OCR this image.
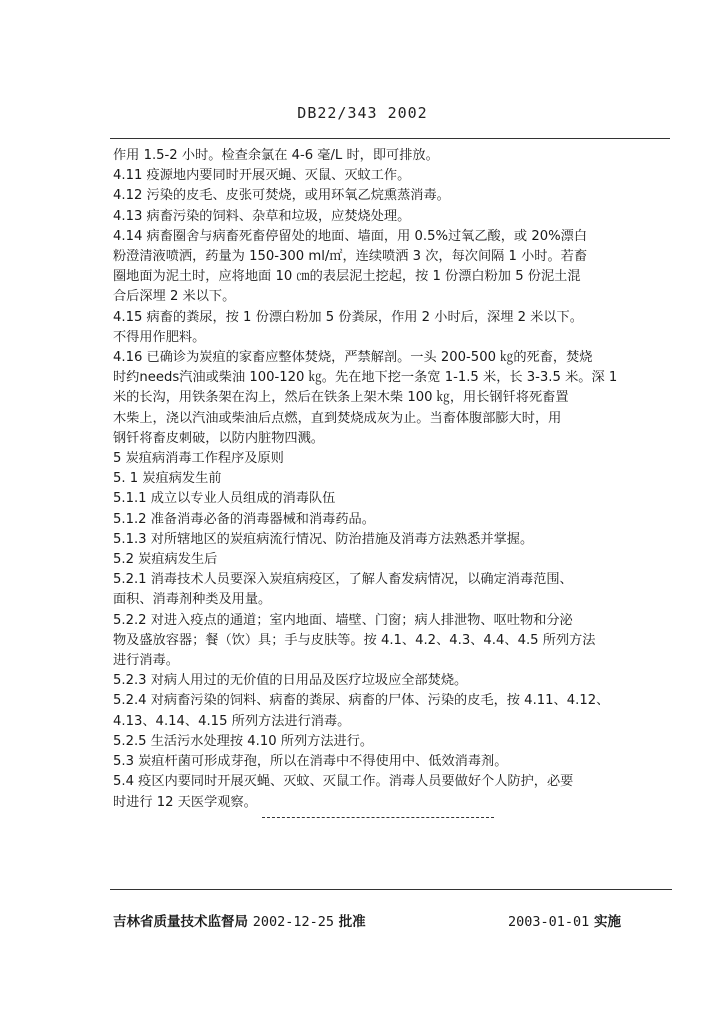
DB22/343 2002

作用 1.5-2 小时。检查余氯在 4-6 毫/L 时，即可排放。

4.11 疫源地内要同时开展灭蝇、灭鼠、灭蚊工作。

4.12 污染的皮毛、皮张可焚烧，或用环氧乙烷熏蒸消毒。

4.13 病畜污染的饲料、杂草和垃圾，应焚烧处理。

4.14 病畜圈舍与病畜死畜停留处的地面、墙面，用 0.5%过氧乙酸，或 20%漂白

粉澄清液喷洒，药量为 150-300 ml/㎡，连续喷洒 3 次，每次间隔 1 小时。若畜

圈地面为泥土时，应将地面 10 ㎝的表层泥土挖起，按 1 份漂白粉加 5 份泥土混

合后深埋 2 米以下。

4.15 病畜的粪尿，按 1 份漂白粉加 5 份粪尿，作用 2 小时后，深埋 2 米以下。

不得用作肥料。

4.16 已确诊为炭疽的家畜应整体焚烧，严禁解剖。一头 200-500 ㎏的死畜，焚烧

时约needs汽油或柴油 100-120 ㎏。先在地下挖一条宽 1-1.5 米，长 3-3.5 米。深 1

米的长沟，用铁条架在沟上，然后在铁条上架木柴 100 ㎏，用长钢钎将死畜置

木柴上，浇以汽油或柴油后点燃，直到焚烧成灰为止。当畜体腹部膨大时，用

钢钎将畜皮刺破，以防内脏物四溅。

5 炭疽病消毒工作程序及原则

5. 1 炭疽病发生前

5.1.1 成立以专业人员组成的消毒队伍

5.1.2 准备消毒必备的消毒器械和消毒药品。

5.1.3 对所辖地区的炭疽病流行情况、防治措施及消毒方法熟悉并掌握。

5.2 炭疽病发生后

5.2.1 消毒技术人员要深入炭疽病疫区，了解人畜发病情况，以确定消毒范围、

面积、消毒剂种类及用量。

5.2.2 对进入疫点的通道；室内地面、墙壁、门窗；病人排泄物、呕吐物和分泌

物及盛放容器；餐（饮）具；手与皮肤等。按 4.1、4.2、4.3、4.4、4.5 所列方法

进行消毒。

5.2.3 对病人用过的无价值的日用品及医疗垃圾应全部焚烧。

5.2.4 对病畜污染的饲料、病畜的粪尿、病畜的尸体、污染的皮毛，按 4.11、4.12、

4.13、4.14、4.15 所列方法进行消毒。

5.2.5 生活污水处理按 4.10 所列方法进行。

5.3 炭疽杆菌可形成芽孢，所以在消毒中不得使用中、低效消毒剂。

5.4 疫区内要同时开展灭蝇、灭蚊、灭鼠工作。消毒人员要做好个人防护，必要

时进行 12 天医学观察。

吉林省质量技术监督局 2002-12-25 批准	2003-01-01 实施
